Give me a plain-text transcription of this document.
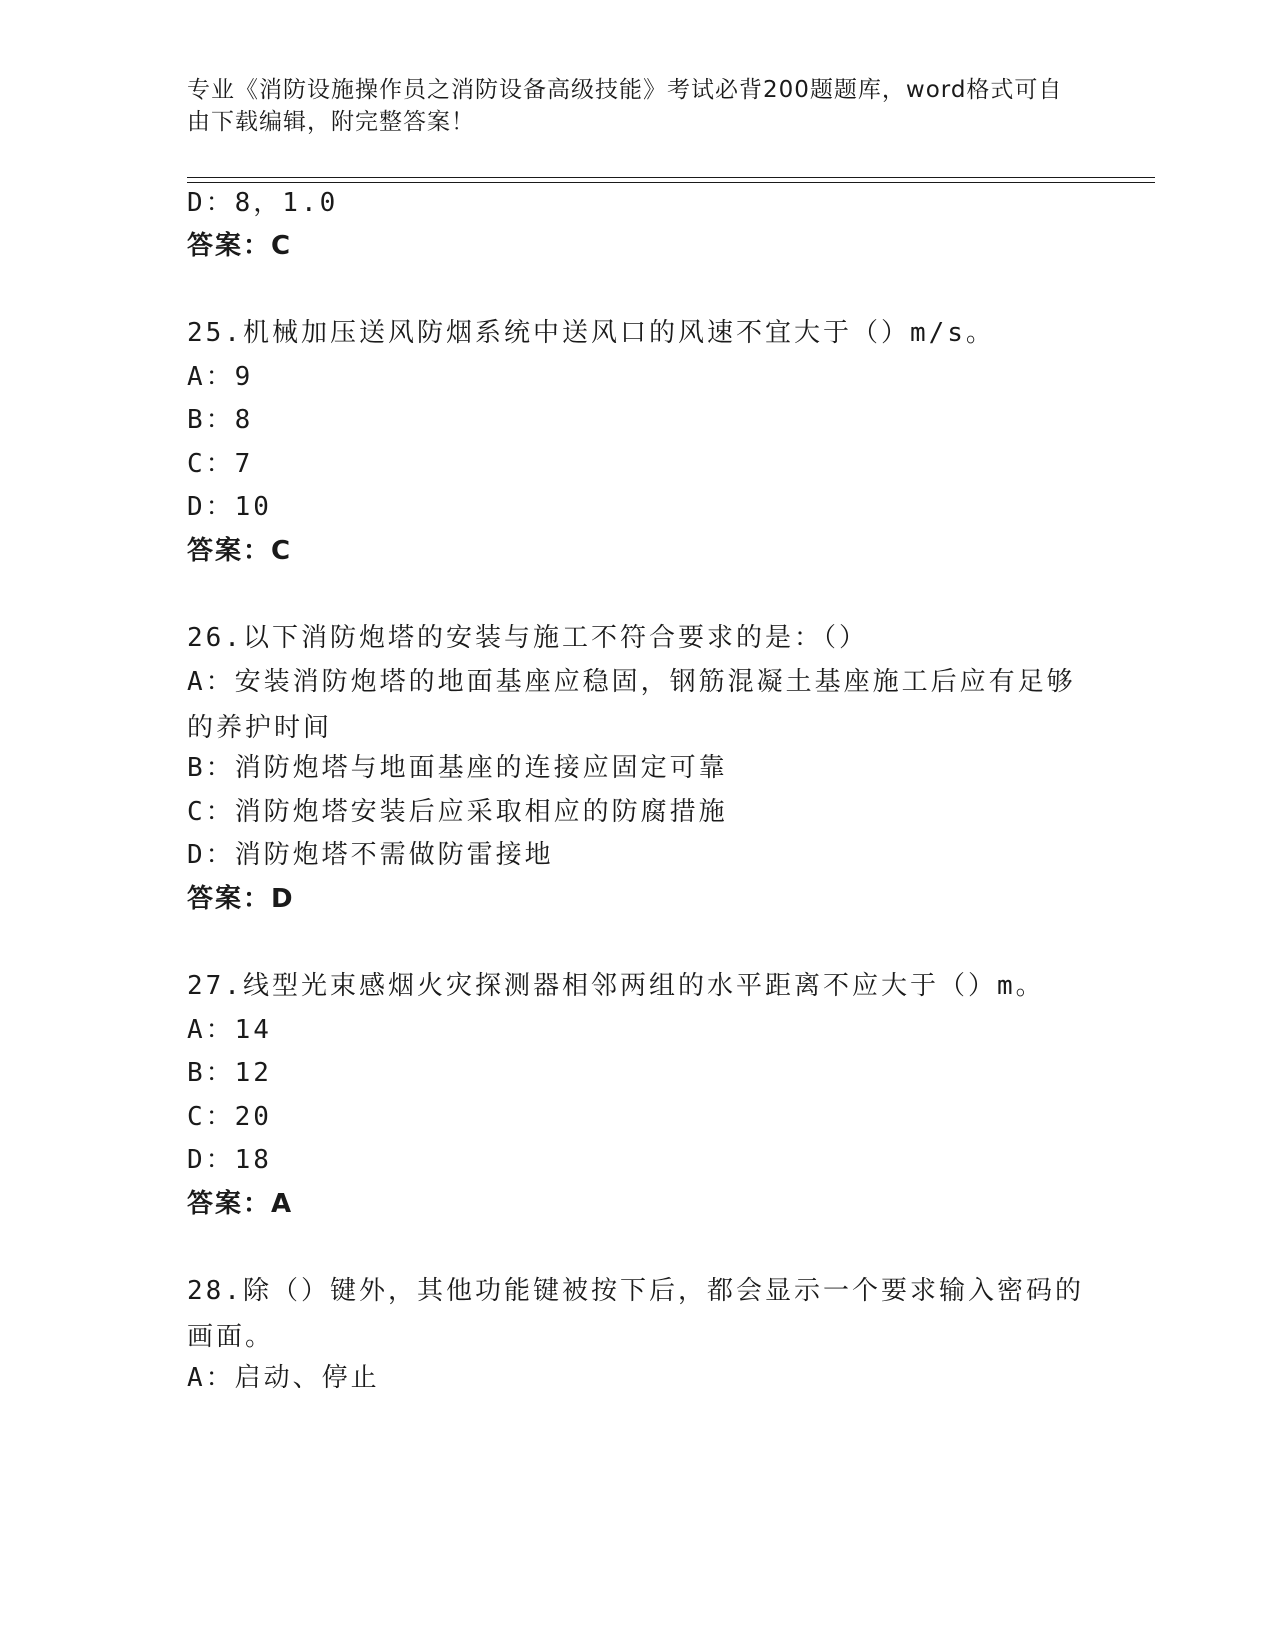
专业《消防设施操作员之消防设备高级技能》考试必背200题题库，word格式可自由下载编辑，附完整答案！
D：8，1.0
答案：C
25.机械加压送风防烟系统中送风口的风速不宜大于（）m/s。
A：9
B：8
C：7
D：10
答案：C
26.以下消防炮塔的安装与施工不符合要求的是：（）
A：安装消防炮塔的地面基座应稳固，钢筋混凝土基座施工后应有足够的养护时间
B：消防炮塔与地面基座的连接应固定可靠
C：消防炮塔安装后应采取相应的防腐措施
D：消防炮塔不需做防雷接地
答案：D
27.线型光束感烟火灾探测器相邻两组的水平距离不应大于（）m。
A：14
B：12
C：20
D：18
答案：A
28.除（）键外，其他功能键被按下后，都会显示一个要求输入密码的画面。
A：启动、停止
